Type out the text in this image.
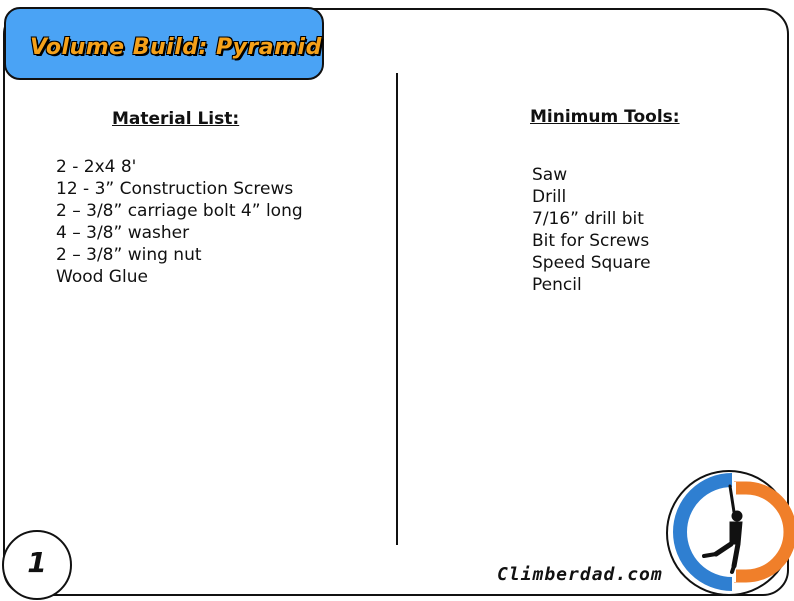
Volume Build: Pyramid
Material List:
2 - 2x4 8'
12 - 3” Construction Screws
2 – 3/8” carriage bolt 4” long
4 – 3/8” washer
2 – 3/8” wing nut
Wood Glue
Minimum Tools:
Saw
Drill
7/16” drill bit
Bit for Screws
Speed Square
Pencil
1	Climberdad.com
